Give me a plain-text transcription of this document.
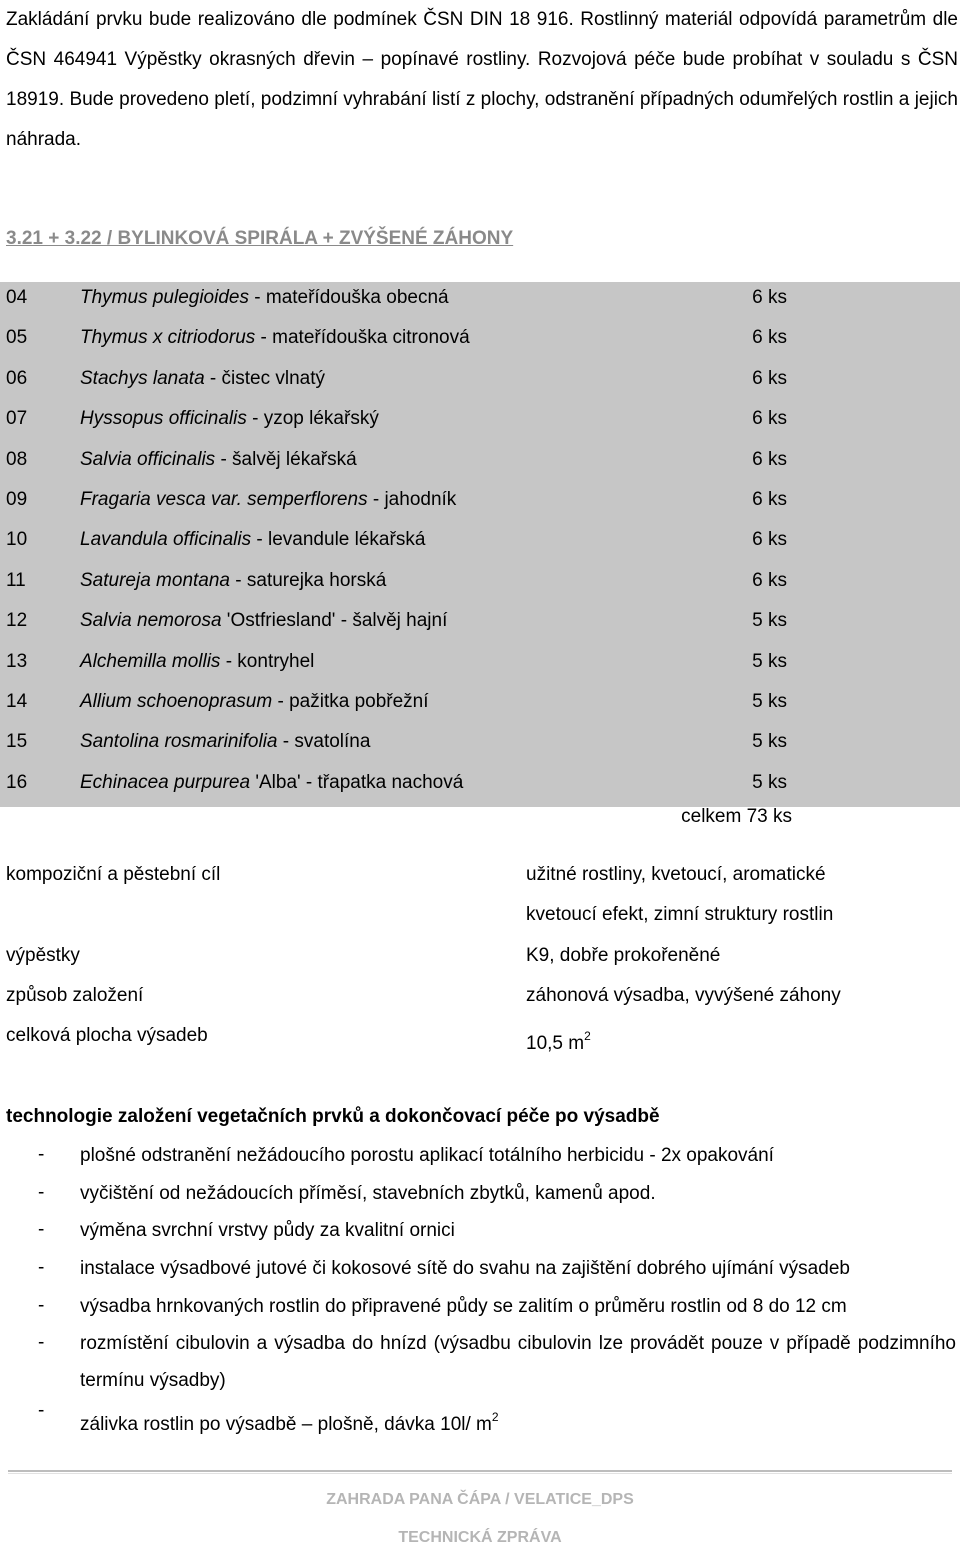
Zakládání prvku bude realizováno dle podmínek ČSN DIN 18 916. Rostlinný materiál odpovídá parametrům dle ČSN 464941 Výpěstky okrasných dřevin – popínavé rostliny. Rozvojová péče bude probíhat v souladu s ČSN 18919. Bude provedeno pletí, podzimní vyhrabání listí z plochy, odstranění případných odumřelých rostlin a jejich náhrada.
3.21 + 3.22 / BYLINKOVÁ SPIRÁLA + ZVÝŠENÉ ZÁHONY
04	Thymus pulegioides - mateřídouška obecná	6 ks
05	Thymus x citriodorus - mateřídouška citronová	6 ks
06	Stachys lanata - čistec vlnatý	6 ks
07	Hyssopus officinalis - yzop lékařský	6 ks
08	Salvia officinalis - šalvěj lékařská	6 ks
09	Fragaria vesca var. semperflorens - jahodník	6 ks
10	Lavandula officinalis - levandule lékařská	6 ks
11	Satureja montana - saturejka horská	6 ks
12	Salvia nemorosa 'Ostfriesland' - šalvěj hajní	5 ks
13	Alchemilla mollis - kontryhel	5 ks
14	Allium schoenoprasum - pažitka pobřežní	5 ks
15	Santolina rosmarinifolia - svatolína	5 ks
16	Echinacea purpurea 'Alba' - třapatka nachová	5 ks
celkem 73 ks
kompoziční a pěstební cíl	užitné rostliny, kvetoucí, aromatické
kvetoucí efekt, zimní struktury rostlin
výpěstky	K9, dobře prokořeněné
způsob založení	záhonová výsadba, vyvýšené záhony
celková plocha výsadeb	10,5 $m^2$
technologie založení vegetačních prvků a dokončovací péče po výsadbě
- plošné odstranění nežádoucího porostu aplikací totálního herbicidu - 2x opakování
- vyčištění od nežádoucích příměsí, stavebních zbytků, kamenů apod.
- výměna svrchní vrstvy půdy za kvalitní ornici
- instalace výsadbové jutové či kokosové sítě do svahu na zajištění dobrého ujímání výsadeb
- výsadba hrnkovaných rostlin do připravené půdy se zalitím o průměru rostlin od 8 do 12 cm
- rozmístění cibulovin a výsadba do hnízd (výsadbu cibulovin lze provádět pouze v případě podzimního termínu výsadby)
-
zálivka rostlin po výsadbě – plošně, dávka 10l/ $m^2$
ZAHRADA PANA ČÁPA / VELATICE_DPS
TECHNICKÁ ZPRÁVA
